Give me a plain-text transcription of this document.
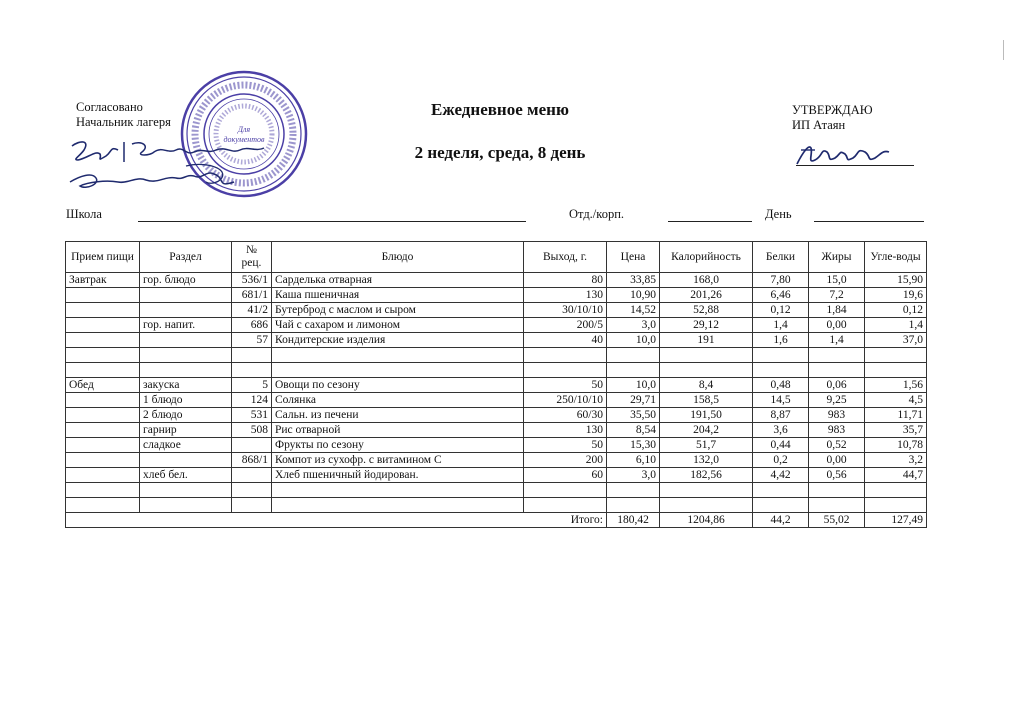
Согласовано
Начальник лагеря
Для
документов
Ежедневное меню
2 неделя, среда, 8 день
УТВЕРЖДАЮ
ИП Атаян
Школа	Отд./корп.	День
Прием пищи	Раздел	№ рец.	Блюдо	Выход, г.	Цена	Калорийность	Белки	Жиры	Угле-воды
Завтрак	гор. блюдо	536/1	Сарделька отварная	80	33,85	168,0	7,80	15,0	15,90
		681/1	Каша пшеничная	130	10,90	201,26	6,46	7,2	19,6
		41/2	Бутерброд с маслом и сыром	30/10/10	14,52	52,88	0,12	1,84	0,12
	гор. напит.	686	Чай с сахаром и лимоном	200/5	3,0	29,12	1,4	0,00	1,4
		57	Кондитерские изделия	40	10,0	191	1,6	1,4	37,0

Обед	закуска	5	Овощи по сезону	50	10,0	8,4	0,48	0,06	1,56
	1 блюдо	124	Солянка	250/10/10	29,71	158,5	14,5	9,25	4,5
	2 блюдо	531	Сальн. из печени	60/30	35,50	191,50	8,87	983	11,71
	гарнир	508	Рис отварной	130	8,54	204,2	3,6	983	35,7
	сладкое		Фрукты по сезону	50	15,30	51,7	0,44	0,52	10,78
		868/1	Компот из сухофр. с витамином С	200	6,10	132,0	0,2	0,00	3,2
	хлеб бел.		Хлеб пшеничный йодирован.	60	3,0	182,56	4,42	0,56	44,7

Итого:					180,42	1204,86	44,2	55,02	127,49
